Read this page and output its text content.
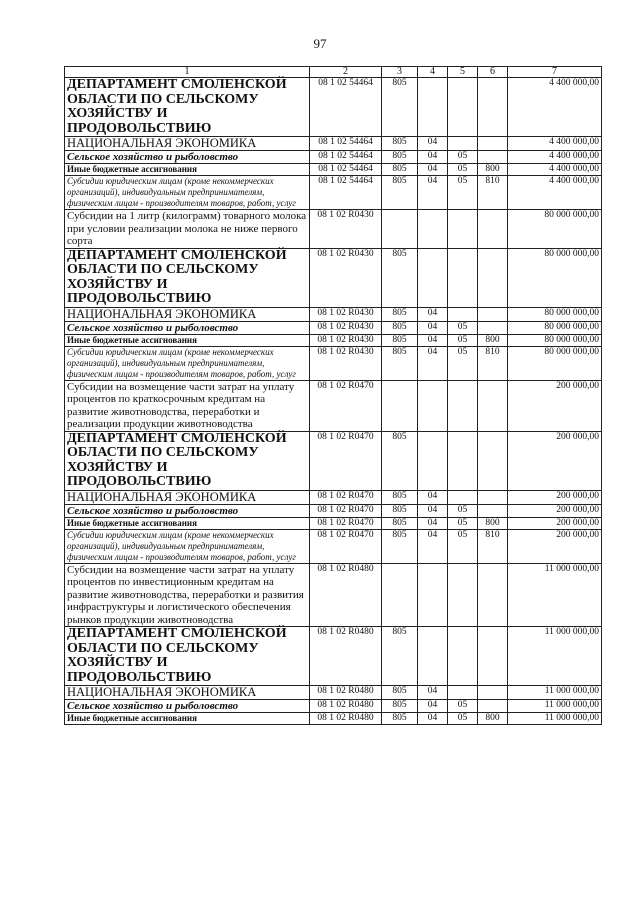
97
1	2	3	4	5	6	7
ДЕПАРТАМЕНТ СМОЛЕНСКОЙ ОБЛАСТИ ПО СЕЛЬСКОМУ ХОЗЯЙСТВУ И ПРОДОВОЛЬСТВИЮ	08 1 02 54464	805				4 400 000,00
НАЦИОНАЛЬНАЯ ЭКОНОМИКА	08 1 02 54464	805	04			4 400 000,00
Сельское хозяйство и рыболовство	08 1 02 54464	805	04	05		4 400 000,00
Иные бюджетные ассигнования	08 1 02 54464	805	04	05	800	4 400 000,00
Субсидии юридическим лицам (кроме некоммерческих организаций), индивидуальным предпринимателям, физическим лицам - производителям товаров, работ, услуг	08 1 02 54464	805	04	05	810	4 400 000,00
Субсидии на 1 литр (килограмм) товарного молока при условии реализации молока не ниже первого сорта	08 1 02 R0430					80 000 000,00
ДЕПАРТАМЕНТ СМОЛЕНСКОЙ ОБЛАСТИ ПО СЕЛЬСКОМУ ХОЗЯЙСТВУ И ПРОДОВОЛЬСТВИЮ	08 1 02 R0430	805				80 000 000,00
НАЦИОНАЛЬНАЯ ЭКОНОМИКА	08 1 02 R0430	805	04			80 000 000,00
Сельское хозяйство и рыболовство	08 1 02 R0430	805	04	05		80 000 000,00
Иные бюджетные ассигнования	08 1 02 R0430	805	04	05	800	80 000 000,00
Субсидии юридическим лицам (кроме некоммерческих организаций), индивидуальным предпринимателям, физическим лицам - производителям товаров, работ, услуг	08 1 02 R0430	805	04	05	810	80 000 000,00
Субсидии на возмещение части затрат на уплату процентов по краткосрочным кредитам на развитие животноводства, переработки и реализации продукции животноводства	08 1 02 R0470					200 000,00
ДЕПАРТАМЕНТ СМОЛЕНСКОЙ ОБЛАСТИ ПО СЕЛЬСКОМУ ХОЗЯЙСТВУ И ПРОДОВОЛЬСТВИЮ	08 1 02 R0470	805				200 000,00
НАЦИОНАЛЬНАЯ ЭКОНОМИКА	08 1 02 R0470	805	04			200 000,00
Сельское хозяйство и рыболовство	08 1 02 R0470	805	04	05		200 000,00
Иные бюджетные ассигнования	08 1 02 R0470	805	04	05	800	200 000,00
Субсидии юридическим лицам (кроме некоммерческих организаций), индивидуальным предпринимателям, физическим лицам - производителям товаров, работ, услуг	08 1 02 R0470	805	04	05	810	200 000,00
Субсидии на возмещение части затрат на уплату процентов по инвестиционным кредитам на развитие животноводства, переработки и развития инфраструктуры и логистического обеспечения рынков продукции животноводства	08 1 02 R0480					11 000 000,00
ДЕПАРТАМЕНТ СМОЛЕНСКОЙ ОБЛАСТИ ПО СЕЛЬСКОМУ ХОЗЯЙСТВУ И ПРОДОВОЛЬСТВИЮ	08 1 02 R0480	805				11 000 000,00
НАЦИОНАЛЬНАЯ ЭКОНОМИКА	08 1 02 R0480	805	04			11 000 000,00
Сельское хозяйство и рыболовство	08 1 02 R0480	805	04	05		11 000 000,00
Иные бюджетные ассигнования	08 1 02 R0480	805	04	05	800	11 000 000,00
